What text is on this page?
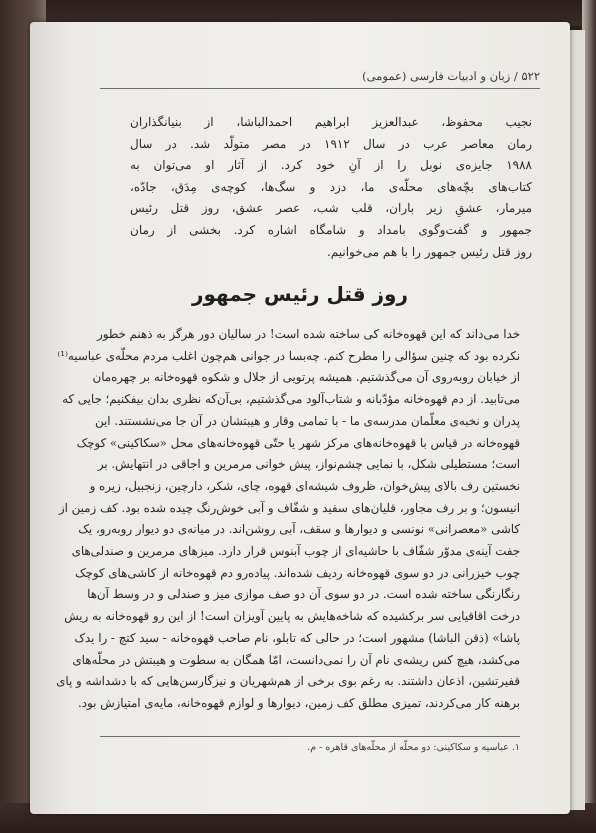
۵۲۲ / زبان و ادبیات فارسی (عمومی)
نجیب محفوظ، عبدالعزیز ابراهیم احمدالباشا، از بنیانگذاران
رمان معاصر عرب در سال ۱۹۱۲ در مصر متولّد شد. در سال
۱۹۸۸ جایزه‌ی نوبل را از آنِ خود کرد. از آثار او می‌توان به
کتاب‌های بچّه‌های محلّه‌ی ما، دزد و سگ‌ها، کوچه‌ی مِدَق، جادّه،
میرمار، عشقِ زیر باران، قلب شب، عصر عشق، روز قتل رئیس
جمهور و گفت‌وگوی بامداد و شامگاه اشاره کرد. بخشی از رمان
روز قتل رئیس جمهور را با هم می‌خوانیم.
روز قتل رئیس جمهور
خدا می‌داند که این قهوه‌خانه کی ساخته شده است! در سالیان دور هرگز به ذهنم خطور
نکرده بود که چنین سؤالی را مطرح کنم. چه‌بسا در جوانی هم‌چون اغلب مردم محلّه‌ی عباسیه⁽¹⁾
از خیابان روبه‌روی آن می‌گذشتیم. همیشه پرتویی از جلال و شکوه قهوه‌خانه بر چهره‌مان
می‌تابید. از دم قهوه‌خانه مؤدّبانه و شتاب‌آلود می‌گذشتیم، بی‌آن‌که نظری بدان بیفکنیم؛ جایی که
پدران و نخبه‌ی معلّمان مدرسه‌ی ما - با تمامی وقار و هیبتشان در آن جا می‌نشستند. این
قهوه‌خانه در قیاس با قهوه‌خانه‌های مرکز شهر یا حتّی قهوه‌خانه‌های محل «سکاکینی» کوچک
است؛ مستطیلی شکل، با نمایی چشم‌نواز، پیش خوانی مرمرین و اجاقی در انتهایش. بر
نخستین رف بالای پیش‌خوان، ظروف شیشه‌ای قهوه، چای، شکر، دارچین، زنجبیل، زیره و
انیسون؛ و بر رف مجاور، قلیان‌های سفید و شفّاف و آبی خوش‌رنگ چیده شده بود. کف زمین از
کاشی «معصرانی» نونسی و دیوارها و سقف، آبی روشن‌اند. در میانه‌ی دو دیوار روبه‌رو، یک
جفت آینه‌ی مدوّر شفّاف با حاشیه‌ای از چوب آبنوس قرار دارد. میزهای مرمرین و صندلی‌های
چوب خیزرانی در دو سوی قهوه‌خانه ردیف شده‌اند. پیاده‌رو دم قهوه‌خانه از کاشی‌های کوچک
رنگارنگی ساخته شده است. در دو سوی آن دو صف موازی میز و صندلی و در وسط آن‌ها
درخت اقاقیایی سر برکشیده که شاخه‌هایش به پایین آویزان است! از این رو قهوه‌خانه به ریش
پاشا» (ذقن الباشا) مشهور است؛ در حالی که تابلو، نام صاحب قهوه‌خانه - سید کتچ - را یدک
می‌کشد، هیچ کس ریشه‌ی نام آن را نمی‌دانست، امّا همگان به سطوت و هیبتش در محلّه‌های
قفیرتشین، اذعان داشتند. به رغم بوی برخی از هم‌شهریان و نیزگارسن‌هایی که با دشداشه و پای
برهنه کار می‌کردند، تمیزی مطلق کف زمین، دیوارها و لوازم قهوه‌خانه، مایه‌ی امتیازش بود.
۱. عباسیه و سکاکینی: دو محلّه از محلّه‌های قاهره - م.
